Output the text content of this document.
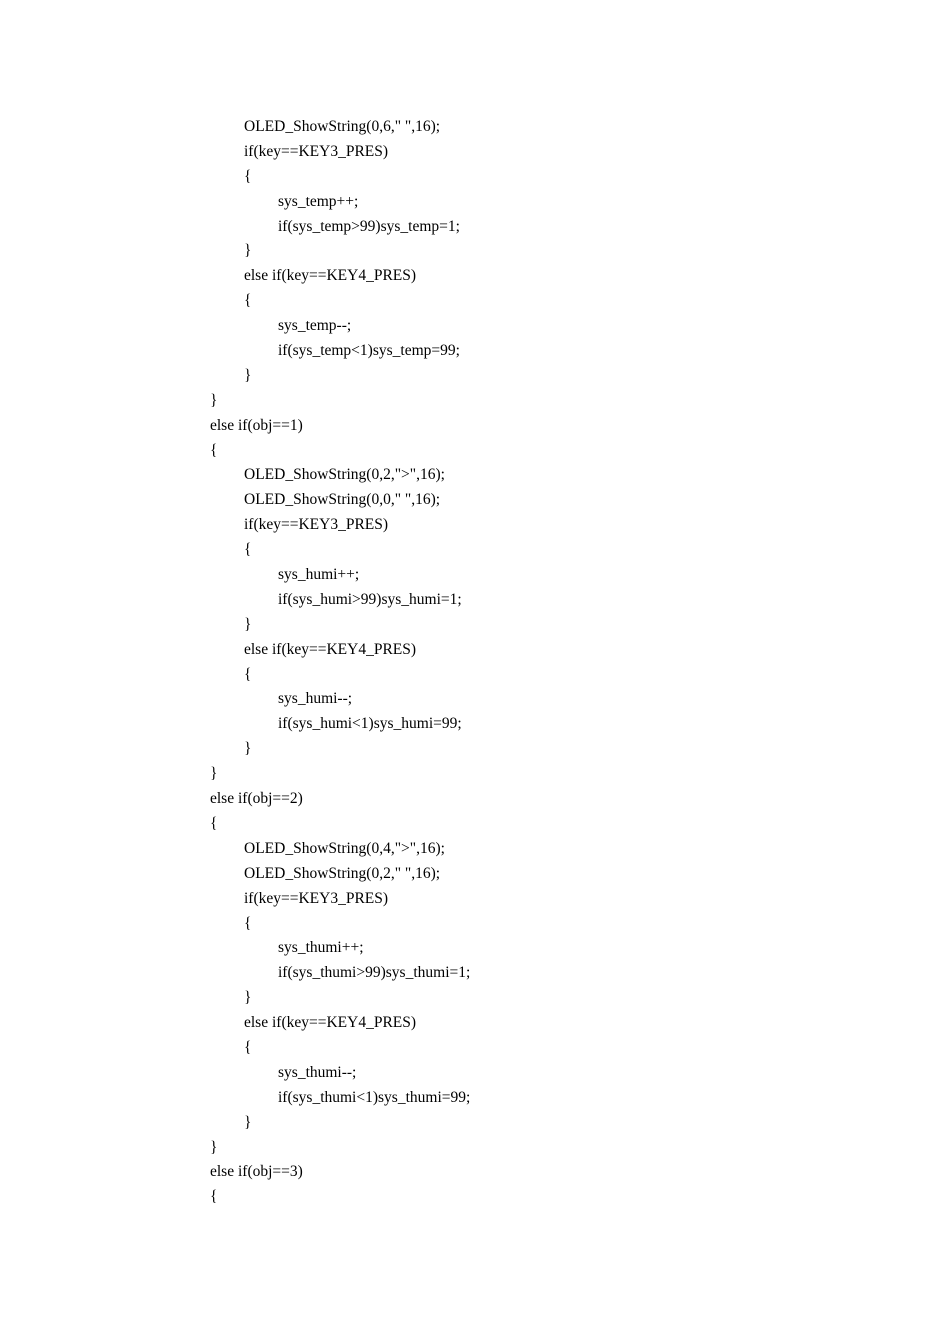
OLED_ShowString(0,6," ",16);
if(key==KEY3_PRES)
{
sys_temp++;
if(sys_temp>99)sys_temp=1;
}
else if(key==KEY4_PRES)
{
sys_temp--;
if(sys_temp<1)sys_temp=99;
}
}
else if(obj==1)
{
OLED_ShowString(0,2,">",16);
OLED_ShowString(0,0," ",16);
if(key==KEY3_PRES)
{
sys_humi++;
if(sys_humi>99)sys_humi=1;
}
else if(key==KEY4_PRES)
{
sys_humi--;
if(sys_humi<1)sys_humi=99;
}
}
else if(obj==2)
{
OLED_ShowString(0,4,">",16);
OLED_ShowString(0,2," ",16);
if(key==KEY3_PRES)
{
sys_thumi++;
if(sys_thumi>99)sys_thumi=1;
}
else if(key==KEY4_PRES)
{
sys_thumi--;
if(sys_thumi<1)sys_thumi=99;
}
}
else if(obj==3)
{
